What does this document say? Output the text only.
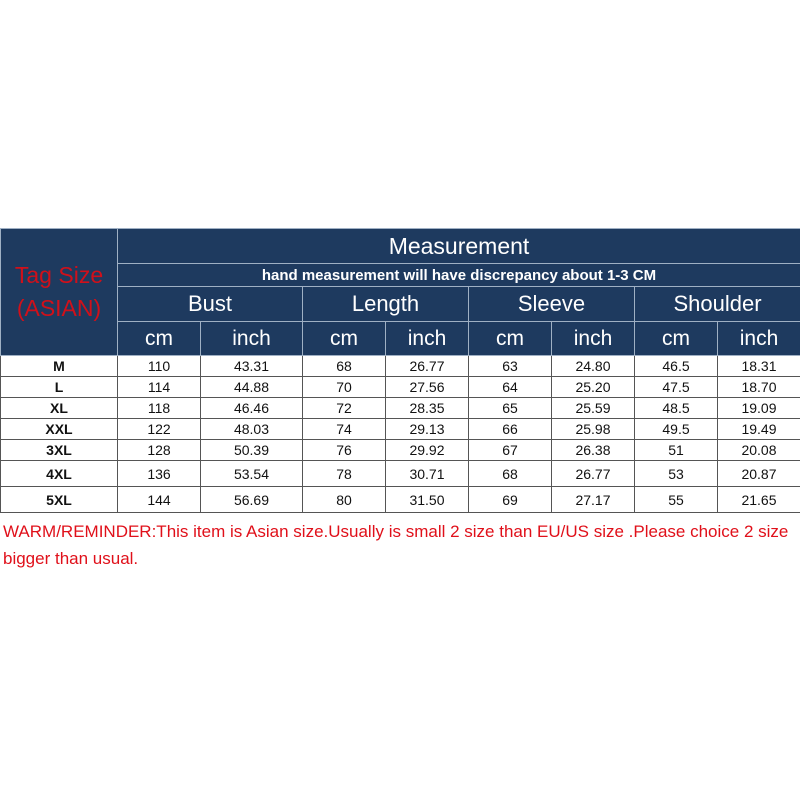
Tag Size
(ASIAN)	Measurement							
	hand measurement will have discrepancy about 1-3 CM							
	Bust		Length		Sleeve		Shoulder	
	cm	inch	cm	inch	cm	inch	cm	inch
M	110	43.31	68	26.77	63	24.80	46.5	18.31
L	114	44.88	70	27.56	64	25.20	47.5	18.70
XL	118	46.46	72	28.35	65	25.59	48.5	19.09
XXL	122	48.03	74	29.13	66	25.98	49.5	19.49
3XL	128	50.39	76	29.92	67	26.38	51	20.08
4XL	136	53.54	78	30.71	68	26.77	53	20.87
5XL	144	56.69	80	31.50	69	27.17	55	21.65
WARM/REMINDER:This item is Asian size.Usually is small 2 size than EU/US size .Please choice 2 size bigger than usual.
